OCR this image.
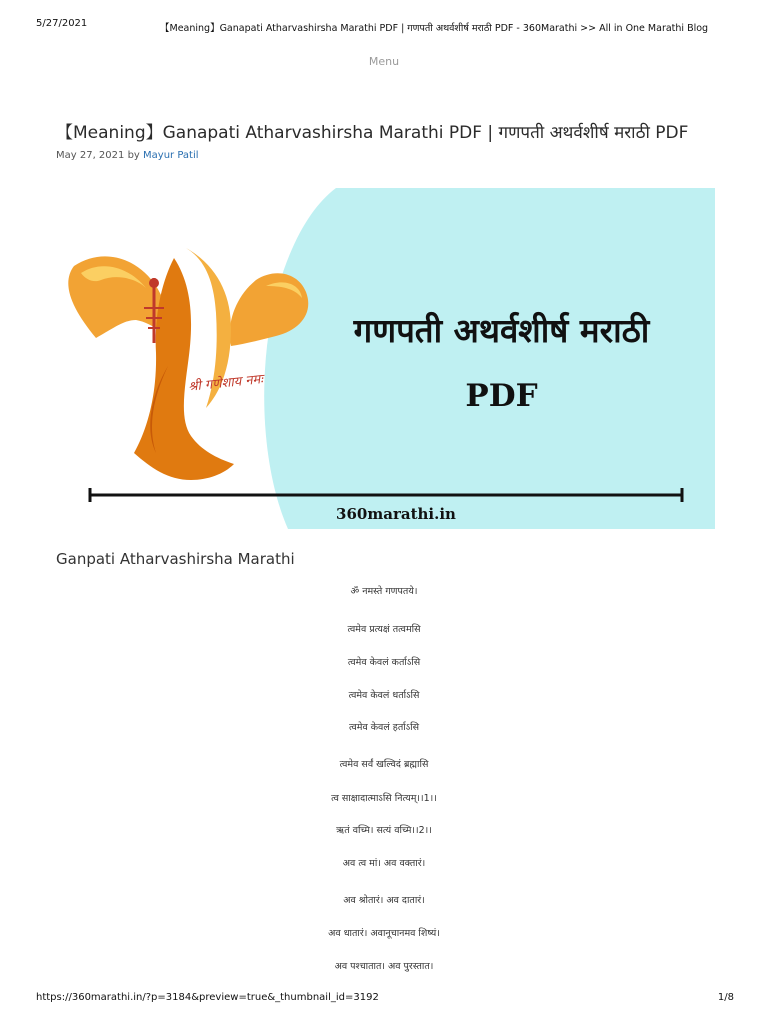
5/27/2021	【Meaning】Ganapati Atharvashirsha Marathi PDF | गणपती अथर्वशीर्ष मराठी PDF - 360Marathi >> All in One Marathi Blog
Menu
【Meaning】Ganapati Atharvashirsha Marathi PDF | गणपती अथर्वशीर्ष मराठी PDF
May 27, 2021 by Mayur Patil
श्री गणेशाय नमः
गणपती अथर्वशीर्ष मराठी
PDF
360marathi.in
Ganpati Atharvashirsha Marathi
ॐ नमस्ते गणपतये।
त्वमेव प्रत्यक्षं तत्वमसि
त्वमेव केवलं कर्ताऽसि
त्वमेव केवलं धर्ताऽसि
त्वमेव केवलं हर्ताऽसि
त्वमेव सर्वं खल्विदं ब्रह्मासि
त्व साक्षादात्माऽसि नित्यम्।।1।।
ऋतं वच्मि। सत्यं वच्मि।।2।।
अव त्व मां। अव वक्तारं।
अव श्रोतारं। अव दातारं।
अव धातारं। अवानूचानमव शिष्यं।
अव पश्चातात। अव पुरस्तात।
https://360marathi.in/?p=3184&preview=true&_thumbnail_id=3192	1/8
